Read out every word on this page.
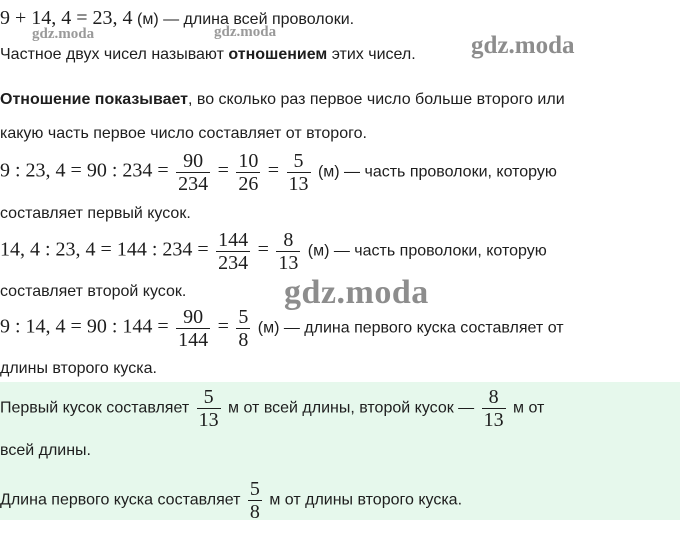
9 + 14, 4 = 23, 4 (м) — длина всей проволоки.
Частное двух чисел называют отношением этих чисел.
Отношение показывает, во сколько раз первое число больше второго или
какую часть первое число составляет от второго.
9 : 23, 4 = 90 : $234 = \frac{90}{234} = \frac{10}{26} = \frac{5}{13} (м)$ — часть проволоки, которую
составляет первый кусок.
14, 4 : 23, 4 = 144 : $234 = \frac{144}{234} = \frac{8}{13} (м)$ — часть проволоки, которую
составляет второй кусок.
9 : 14, 4 = 90 : $144 = \frac{90}{144} = \frac{5}{8} (м)$ — длина первого куска составляет от
длины второго куска.
Первый кусок составляет $\frac{5}{13}$ м от всей длины, второй кусок — $\frac{8}{13}$ м от
всей длины.
Длина первого куска составляет $\frac{5}{8}$ м от длины второго куска.
gdz.moda	gdz.moda	gdz.moda
gdz.moda
